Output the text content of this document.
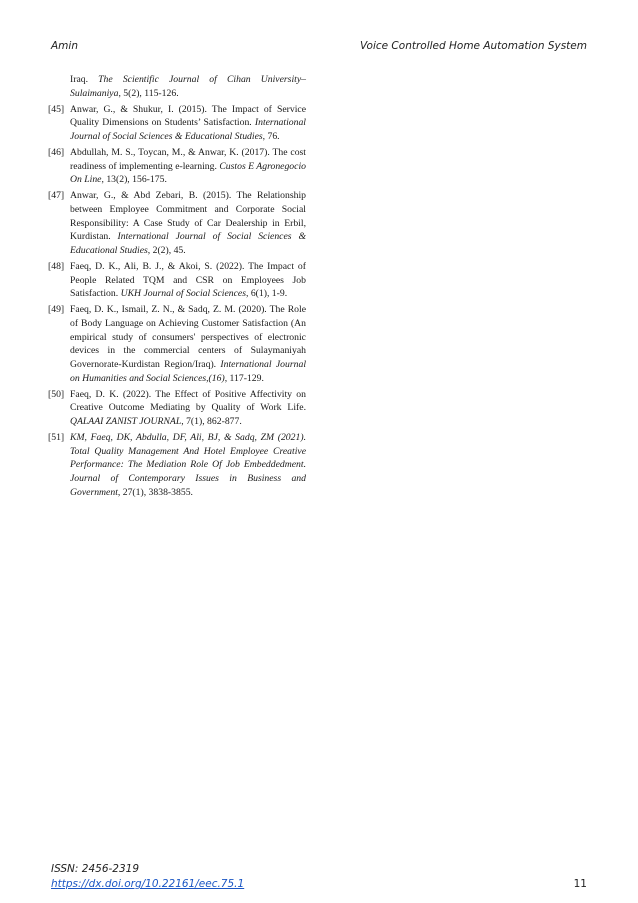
Amin	Voice Controlled Home Automation System
Iraq. The Scientific Journal of Cihan University– Sulaimaniya, 5(2), 115-126.
[45] Anwar, G., & Shukur, I. (2015). The Impact of Service Quality Dimensions on Students’ Satisfaction. International Journal of Social Sciences & Educational Studies, 76.
[46] Abdullah, M. S., Toycan, M., & Anwar, K. (2017). The cost readiness of implementing e-learning. Custos E Agronegocio On Line, 13(2), 156-175.
[47] Anwar, G., & Abd Zebari, B. (2015). The Relationship between Employee Commitment and Corporate Social Responsibility: A Case Study of Car Dealership in Erbil, Kurdistan. International Journal of Social Sciences & Educational Studies, 2(2), 45.
[48] Faeq, D. K., Ali, B. J., & Akoi, S. (2022). The Impact of People Related TQM and CSR on Employees Job Satisfaction. UKH Journal of Social Sciences, 6(1), 1-9.
[49] Faeq, D. K., Ismail, Z. N., & Sadq, Z. M. (2020). The Role of Body Language on Achieving Customer Satisfaction (An empirical study of consumers' perspectives of electronic devices in the commercial centers of Sulaymaniyah Governorate-Kurdistan Region/Iraq). International Journal on Humanities and Social Sciences,(16), 117-129.
[50] Faeq, D. K. (2022). The Effect of Positive Affectivity on Creative Outcome Mediating by Quality of Work Life. QALAAI ZANIST JOURNAL, 7(1), 862-877.
[51] KM, Faeq, DK, Abdulla, DF, Ali, BJ, & Sadq, ZM (2021). Total Quality Management And Hotel Employee Creative Performance: The Mediation Role Of Job Embeddedment. Journal of Contemporary Issues in Business and Government, 27(1), 3838-3855.
ISSN: 2456-2319
https://dx.doi.org/10.22161/eec.75.1	11
